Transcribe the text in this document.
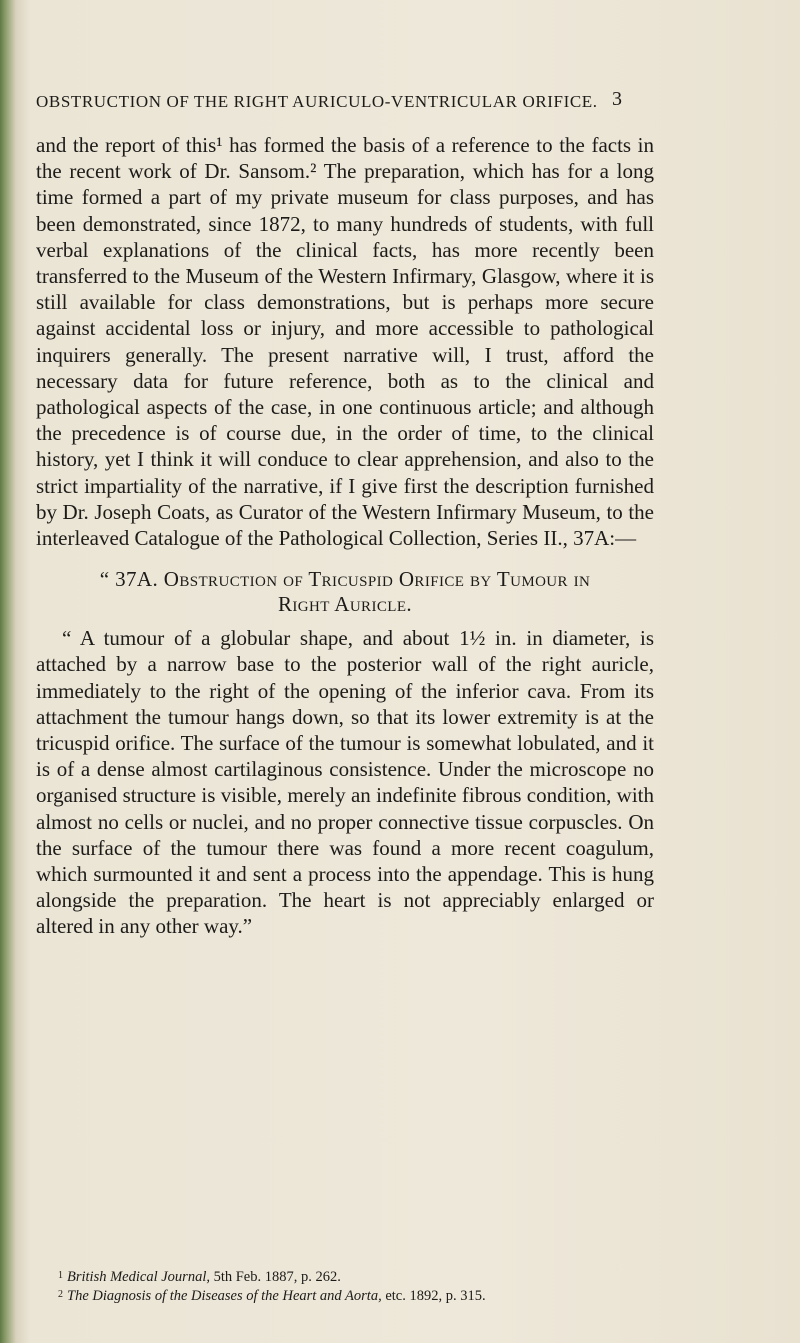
OBSTRUCTION OF THE RIGHT AURICULO-VENTRICULAR ORIFICE. 3

and the report of this¹ has formed the basis of a reference to the facts in the recent work of Dr. Sansom.² The preparation, which has for a long time formed a part of my private museum for class purposes, and has been demonstrated, since 1872, to many hundreds of students, with full verbal explanations of the clinical facts, has more recently been transferred to the Museum of the Western Infirmary, Glasgow, where it is still available for class demonstrations, but is perhaps more secure against accidental loss or injury, and more accessible to pathological inquirers generally. The present narrative will, I trust, afford the necessary data for future reference, both as to the clinical and pathological aspects of the case, in one continuous article; and although the precedence is of course due, in the order of time, to the clinical history, yet I think it will conduce to clear apprehension, and also to the strict impartiality of the narrative, if I give first the description furnished by Dr. Joseph Coats, as Curator of the Western Infirmary Museum, to the interleaved Catalogue of the Pathological Collection, Series II., 37A:—

“ 37A. Obstruction of Tricuspid Orifice by Tumour in
Right Auricle.

“ A tumour of a globular shape, and about 1½ in. in diameter, is attached by a narrow base to the posterior wall of the right auricle, immediately to the right of the opening of the inferior cava. From its attachment the tumour hangs down, so that its lower extremity is at the tricuspid orifice. The surface of the tumour is somewhat lobulated, and it is of a dense almost cartilaginous consistence. Under the microscope no organised structure is visible, merely an indefinite fibrous condition, with almost no cells or nuclei, and no proper connective tissue corpuscles. On the surface of the tumour there was found a more recent coagulum, which surmounted it and sent a process into the appendage. This is hung alongside the preparation. The heart is not appreciably enlarged or altered in any other way.”

$^1$ British Medical Journal, 5th Feb. 1887, p. 262.

$^2$ The Diagnosis of the Diseases of the Heart and Aorta, etc. 1892, p. 315.
